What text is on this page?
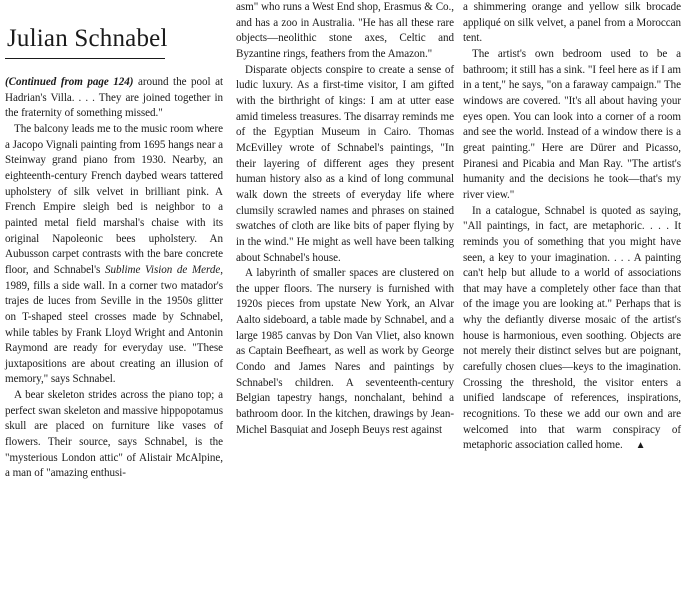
Julian Schnabel

(Continued from page 124) around the pool at Hadrian's Villa. . . . They are joined together in the fraternity of something missed."

The balcony leads me to the music room where a Jacopo Vignali painting from 1695 hangs near a Steinway grand piano from 1930. Nearby, an eighteenth-century French daybed wears tattered upholstery of silk velvet in brilliant pink. A French Empire sleigh bed is neighbor to a painted metal field marshal's chaise with its original Napoleonic bees upholstery. An Aubusson carpet contrasts with the bare concrete floor, and Schnabel's Sublime Vision de Merde, 1989, fills a side wall. In a corner two matador's trajes de luces from Seville in the 1950s glitter on T-shaped steel crosses made by Schnabel, while tables by Frank Lloyd Wright and Antonin Raymond are ready for everyday use. "These juxtapositions are about creating an illusion of memory," says Schnabel.

A bear skeleton strides across the piano top; a perfect swan skeleton and massive hippopotamus skull are placed on furniture like vases of flowers. Their source, says Schnabel, is the "mysterious London attic" of Alistair McAlpine, a man of "amazing enthusi-

asm" who runs a West End shop, Erasmus & Co., and has a zoo in Australia. "He has all these rare objects—neolithic stone axes, Celtic and Byzantine rings, feathers from the Amazon."

Disparate objects conspire to create a sense of ludic luxury. As a first-time visitor, I am gifted with the birthright of kings: I am at utter ease amid timeless treasures. The disarray reminds me of the Egyptian Museum in Cairo. Thomas McEvilley wrote of Schnabel's paintings, "In their layering of different ages they present human history also as a kind of long communal walk down the streets of everyday life where clumsily scrawled names and phrases on stained swatches of cloth are like bits of paper flying by in the wind." He might as well have been talking about Schnabel's house.

A labyrinth of smaller spaces are clustered on the upper floors. The nursery is furnished with 1920s pieces from upstate New York, an Alvar Aalto sideboard, a table made by Schnabel, and a large 1985 canvas by Don Van Vliet, also known as Captain Beefheart, as well as work by George Condo and James Nares and paintings by Schnabel's children. A seventeenth-century Belgian tapestry hangs, nonchalant, behind a bathroom door. In the kitchen, drawings by Jean-Michel Basquiat and Joseph Beuys rest against

a shimmering orange and yellow silk brocade appliqué on silk velvet, a panel from a Moroccan tent.

The artist's own bedroom used to be a bathroom; it still has a sink. "I feel here as if I am in a tent," he says, "on a faraway campaign." The windows are covered. "It's all about having your eyes open. You can look into a corner of a room and see the world. Instead of a window there is a great painting." Here are Dürer and Picasso, Piranesi and Picabia and Man Ray. "The artist's humanity and the decisions he took—that's my river view."

In a catalogue, Schnabel is quoted as saying, "All paintings, in fact, are metaphoric. . . . It reminds you of something that you might have seen, a key to your imagination. . . . A painting can't help but allude to a world of associations that may have a completely other face than that of the image you are looking at." Perhaps that is why the defiantly diverse mosaic of the artist's house is harmonious, even soothing. Objects are not merely their distinct selves but are poignant, carefully chosen clues—keys to the imagination. Crossing the threshold, the visitor enters a unified landscape of references, inspirations, recognitions. To these we add our own and are welcomed into that warm conspiracy of metaphoric association called home. ▲
